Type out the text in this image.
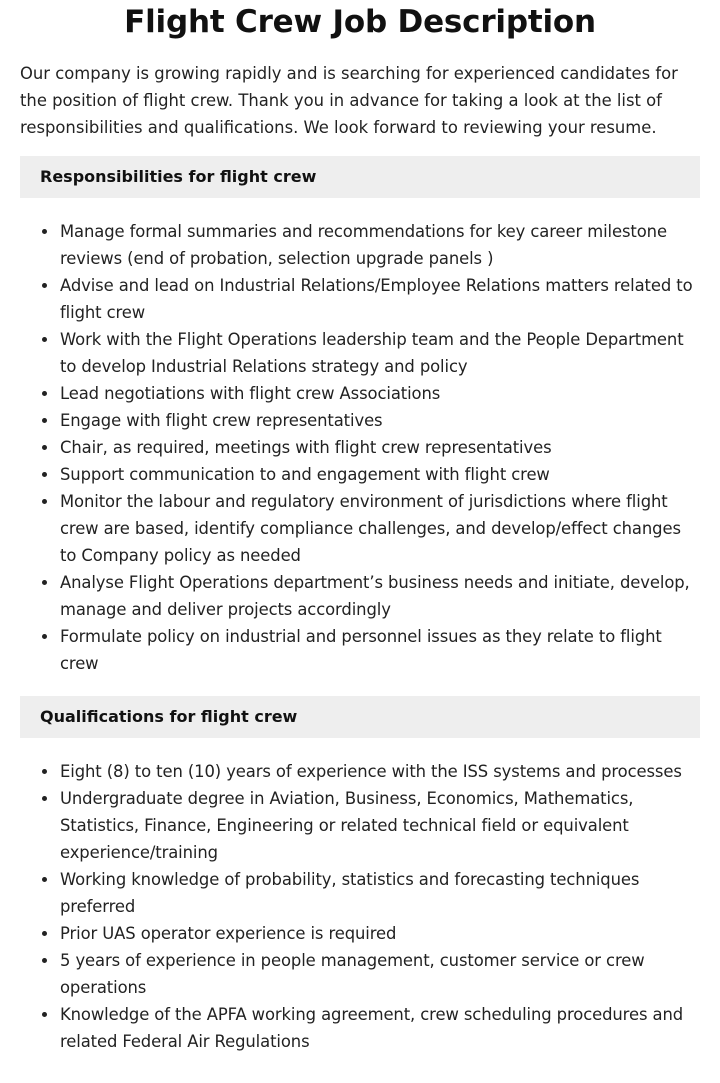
Flight Crew Job Description

Our company is growing rapidly and is searching for experienced candidates for the position of flight crew. Thank you in advance for taking a look at the list of responsibilities and qualifications. We look forward to reviewing your resume.

Responsibilities for flight crew
Manage formal summaries and recommendations for key career milestone reviews (end of probation, selection upgrade panels )
Advise and lead on Industrial Relations/Employee Relations matters related to flight crew
Work with the Flight Operations leadership team and the People Department to develop Industrial Relations strategy and policy
Lead negotiations with flight crew Associations
Engage with flight crew representatives
Chair, as required, meetings with flight crew representatives
Support communication to and engagement with flight crew
Monitor the labour and regulatory environment of jurisdictions where flight crew are based, identify compliance challenges, and develop/effect changes to Company policy as needed
Analyse Flight Operations department’s business needs and initiate, develop, manage and deliver projects accordingly
Formulate policy on industrial and personnel issues as they relate to flight crew
Qualifications for flight crew
Eight (8) to ten (10) years of experience with the ISS systems and processes
Undergraduate degree in Aviation, Business, Economics, Mathematics, Statistics, Finance, Engineering or related technical field or equivalent experience/training
Working knowledge of probability, statistics and forecasting techniques preferred
Prior UAS operator experience is required
5 years of experience in people management, customer service or crew operations
Knowledge of the APFA working agreement, crew scheduling procedures and related Federal Air Regulations
